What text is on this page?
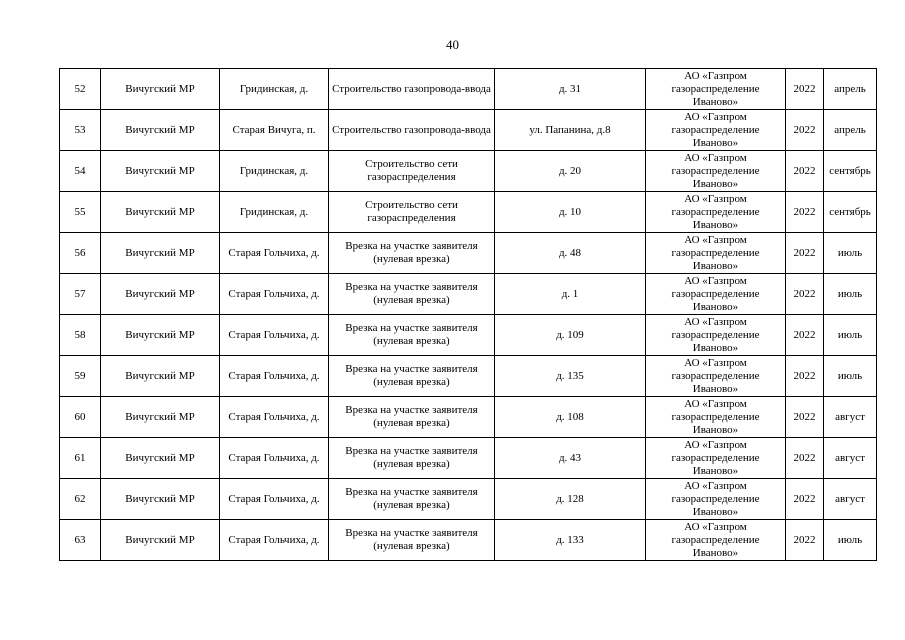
40
52	Вичугский МР	Гридинская, д.	Строительство газопровода-ввода	д. 31	АО «Газпром газораспределение Иваново»	2022	апрель
53	Вичугский МР	Старая Вичуга, п.	Строительство газопровода-ввода	ул. Папанина, д.8	АО «Газпром газораспределение Иваново»	2022	апрель
54	Вичугский МР	Гридинская, д.	Строительство сети газораспределения	д. 20	АО «Газпром газораспределение Иваново»	2022	сентябрь
55	Вичугский МР	Гридинская, д.	Строительство сети газораспределения	д. 10	АО «Газпром газораспределение Иваново»	2022	сентябрь
56	Вичугский МР	Старая Гольчиха, д.	Врезка на участке заявителя (нулевая врезка)	д. 48	АО «Газпром газораспределение Иваново»	2022	июль
57	Вичугский МР	Старая Гольчиха, д.	Врезка на участке заявителя (нулевая врезка)	д. 1	АО «Газпром газораспределение Иваново»	2022	июль
58	Вичугский МР	Старая Гольчиха, д.	Врезка на участке заявителя (нулевая врезка)	д. 109	АО «Газпром газораспределение Иваново»	2022	июль
59	Вичугский МР	Старая Гольчиха, д.	Врезка на участке заявителя (нулевая врезка)	д. 135	АО «Газпром газораспределение Иваново»	2022	июль
60	Вичугский МР	Старая Гольчиха, д.	Врезка на участке заявителя (нулевая врезка)	д. 108	АО «Газпром газораспределение Иваново»	2022	август
61	Вичугский МР	Старая Гольчиха, д.	Врезка на участке заявителя (нулевая врезка)	д. 43	АО «Газпром газораспределение Иваново»	2022	август
62	Вичугский МР	Старая Гольчиха, д.	Врезка на участке заявителя (нулевая врезка)	д. 128	АО «Газпром газораспределение Иваново»	2022	август
63	Вичугский МР	Старая Гольчиха, д.	Врезка на участке заявителя (нулевая врезка)	д. 133	АО «Газпром газораспределение Иваново»	2022	июль
